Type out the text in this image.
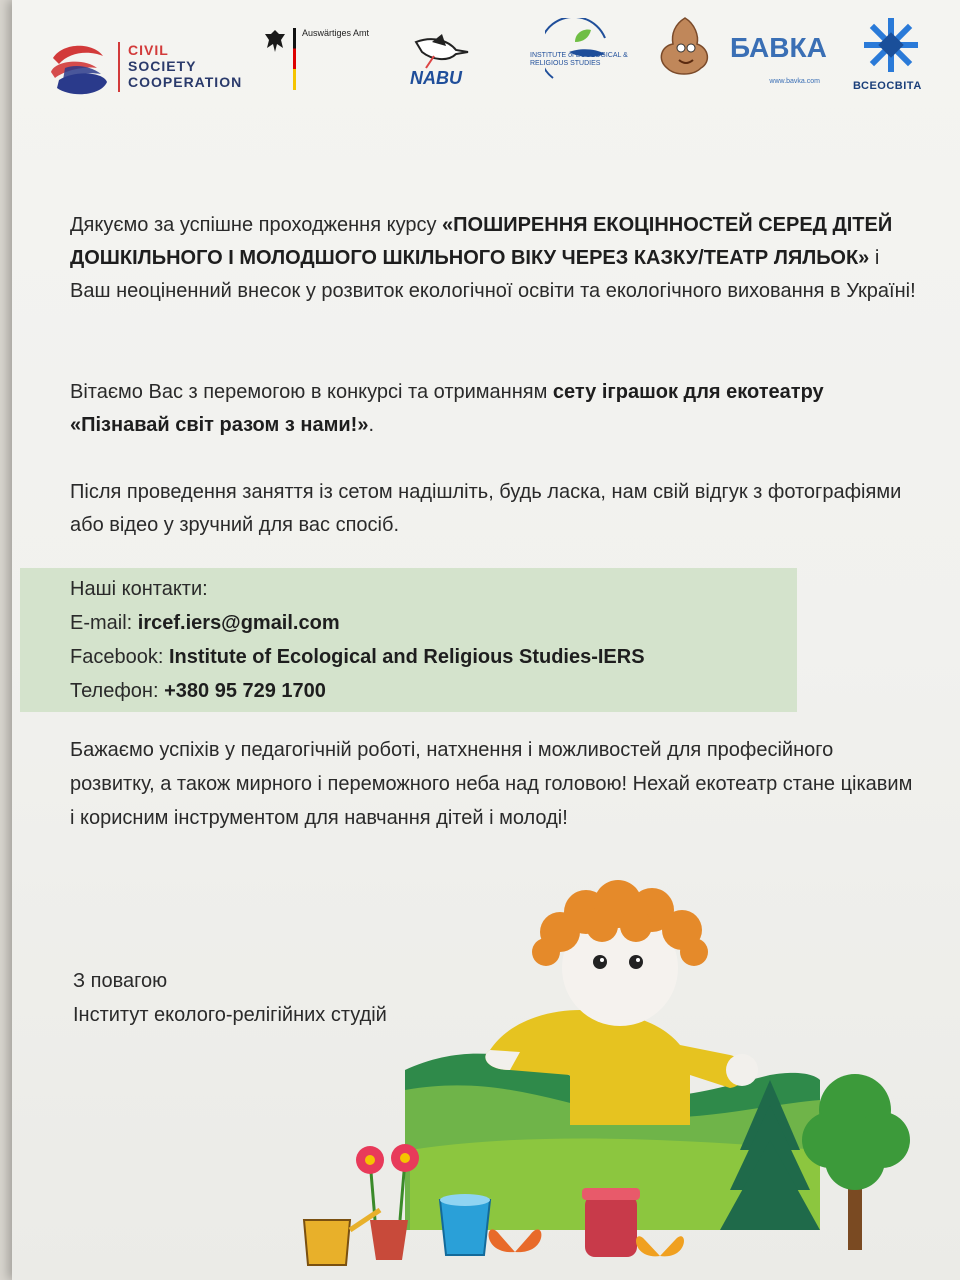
CIVIL
SOCIETY
COOPERATION
Auswärtiges Amt
NABU
INSTITUTE of ECOLOGICAL & RELIGIOUS STUDIES
БАВКА
www.bavka.com	ВСЕОСВІТА
Дякуємо за успішне проходження курсу «ПОШИРЕННЯ ЕКОЦІННОСТЕЙ СЕРЕД ДІТЕЙ ДОШКІЛЬНОГО І МОЛОДШОГО ШКІЛЬНОГО ВІКУ ЧЕРЕЗ КАЗКУ/ТЕАТР ЛЯЛЬОК» і Ваш неоціненний внесок у розвиток екологічної освіти та екологічного виховання в Україні!
Вітаємо Вас з перемогою в конкурсі та отриманням сету іграшок для екотеатру «Пізнавай світ разом з нами!».
Після проведення заняття із сетом надішліть, будь ласка, нам свій відгук з фотографіями або відео у зручний для вас спосіб.
Наші контакти:
E-mail: ircef.iers@gmail.com
Facebook: Institute of Ecological and Religious Studies-IERS
Телефон: +380 95 729 1700
Бажаємо успіхів у педагогічній роботі, натхнення і можливостей для професійного розвитку, а також мирного і переможного неба над головою! Нехай екотеатр стане цікавим і корисним інструментом для навчання дітей і молоді!
З повагою
Інститут еколого-релігійних студій
